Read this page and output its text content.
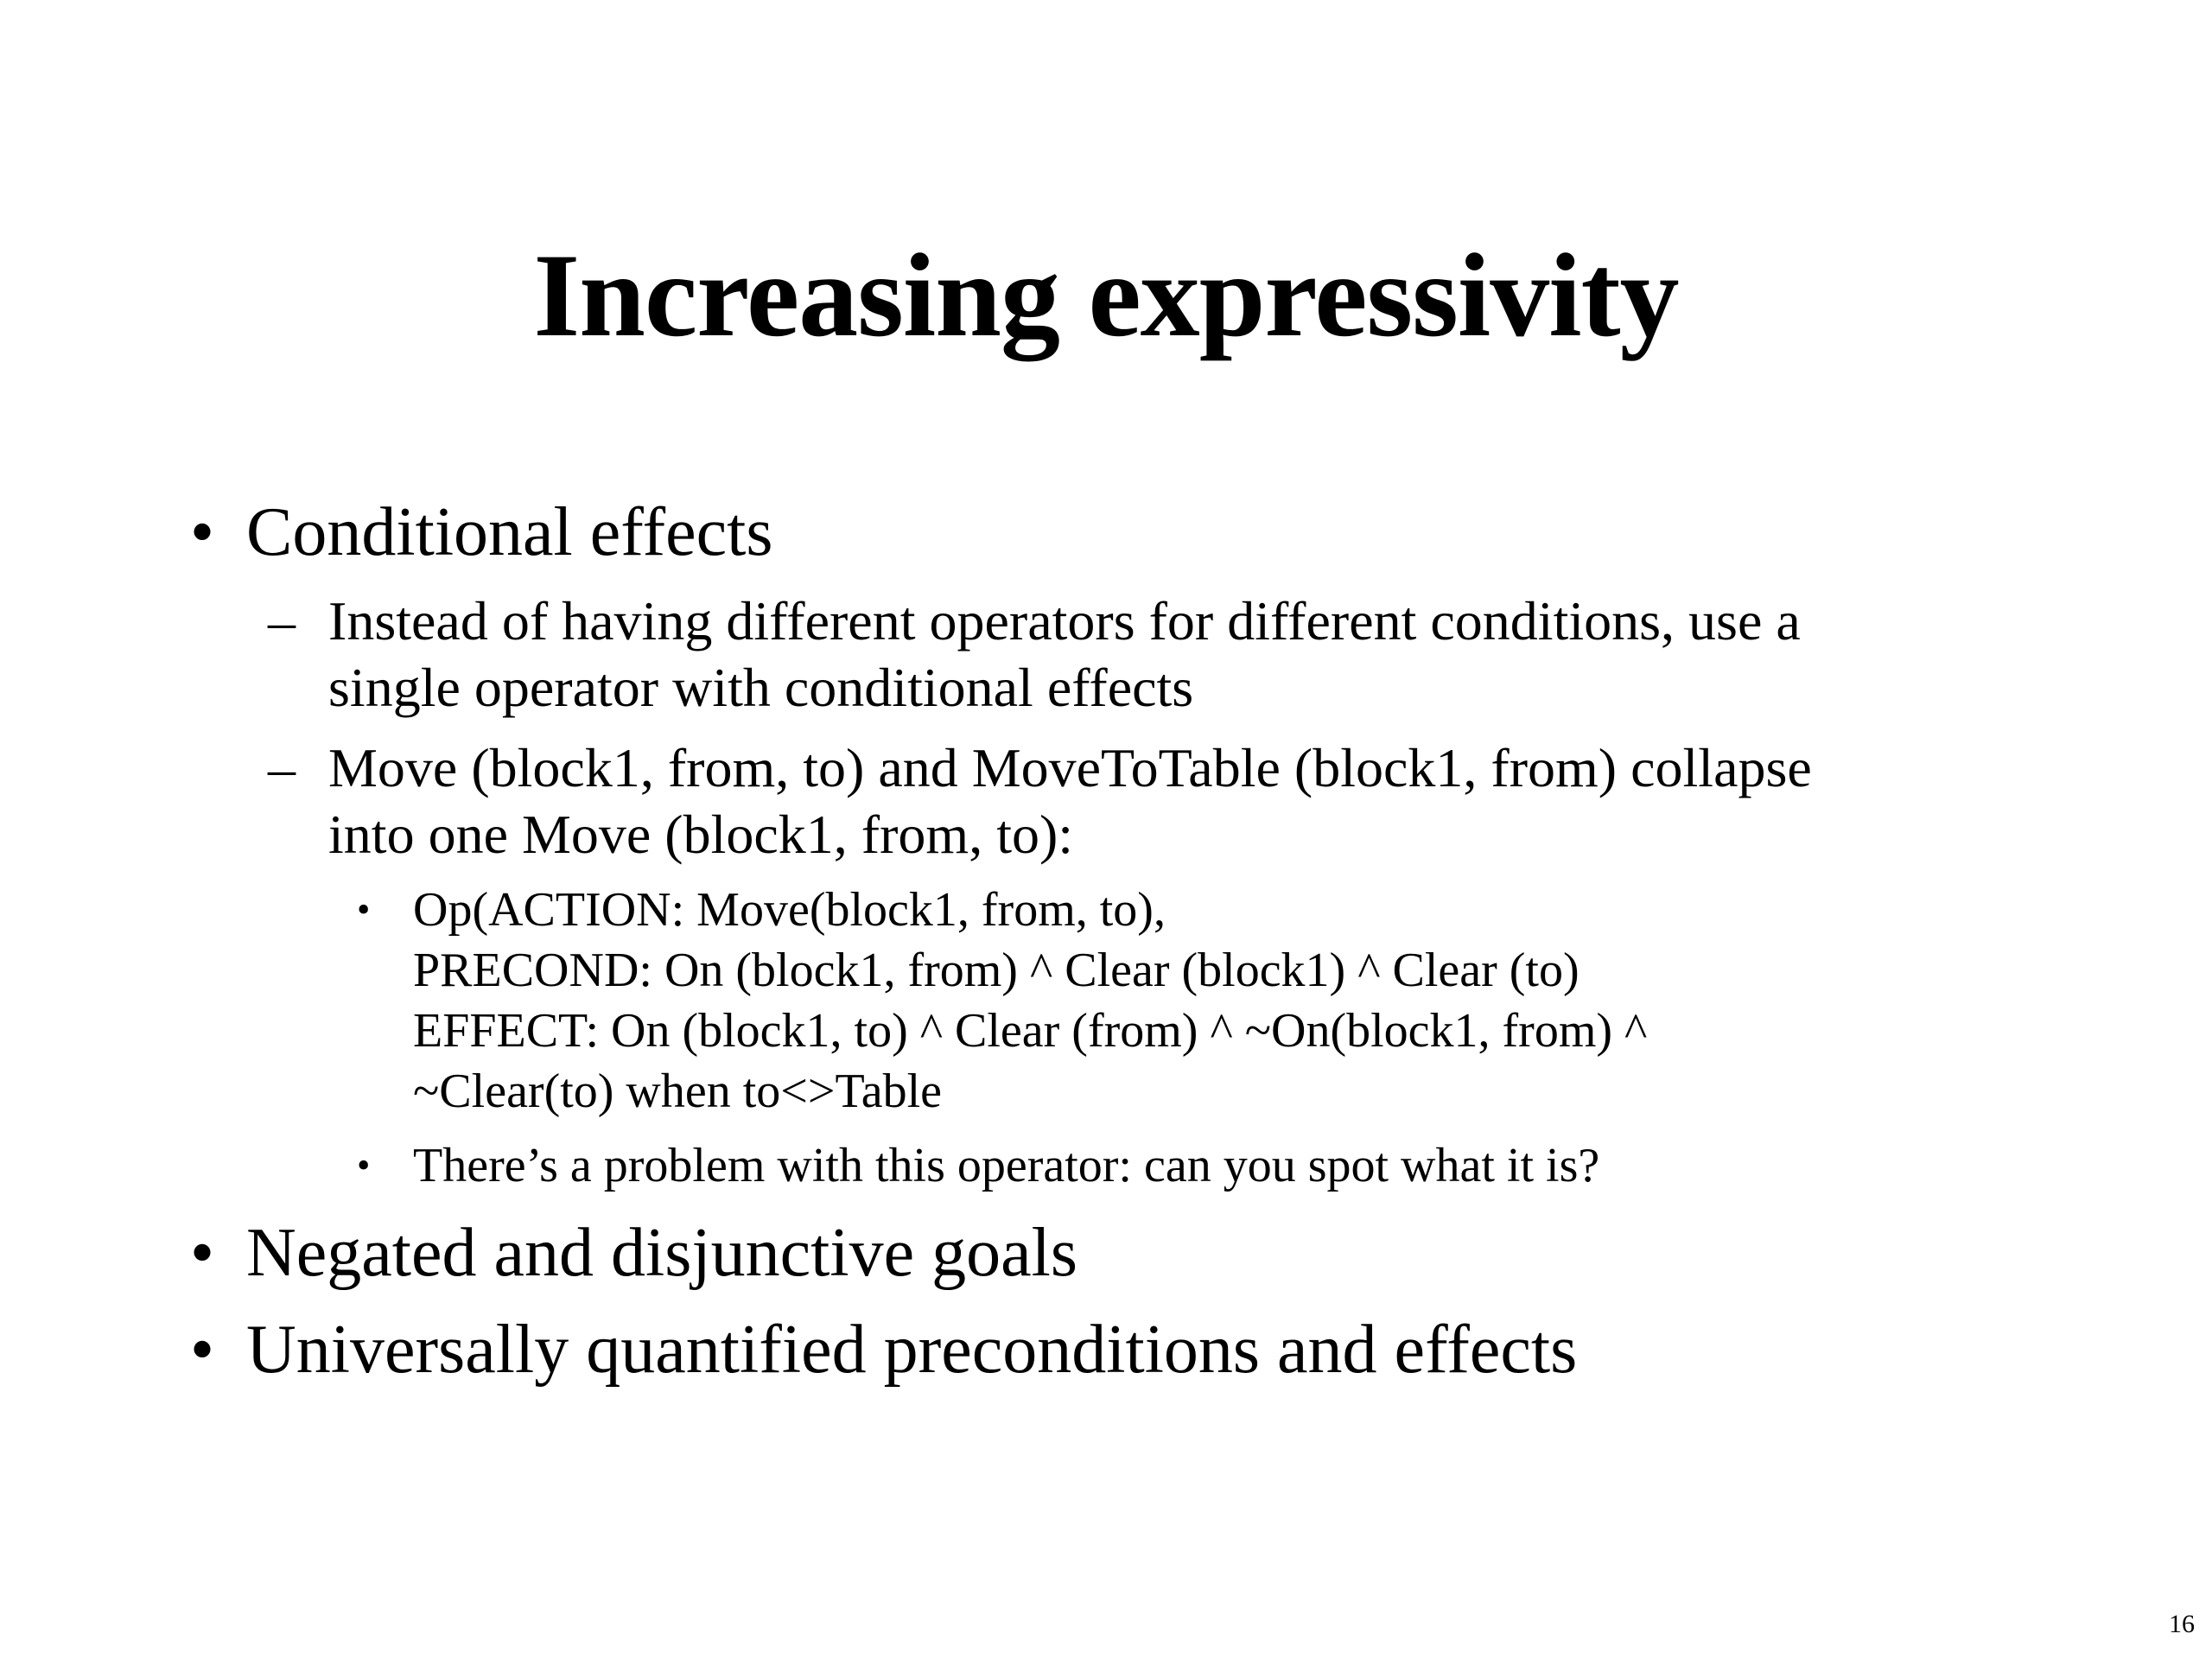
Increasing expressivity
• Conditional effects
– Instead of having different operators for different conditions, use a
single operator with conditional effects
– Move (block1, from, to) and MoveToTable (block1, from) collapse
into one Move (block1, from, to):
• Op(ACTION: Move(block1, from, to),
PRECOND: On (block1, from) ^ Clear (block1) ^ Clear (to)
EFFECT: On (block1, to) ^ Clear (from) ^ ~On(block1, from) ^
~Clear(to) when to<>Table
• There’s a problem with this operator: can you spot what it is?
• Negated and disjunctive goals
• Universally quantified preconditions and effects
16
